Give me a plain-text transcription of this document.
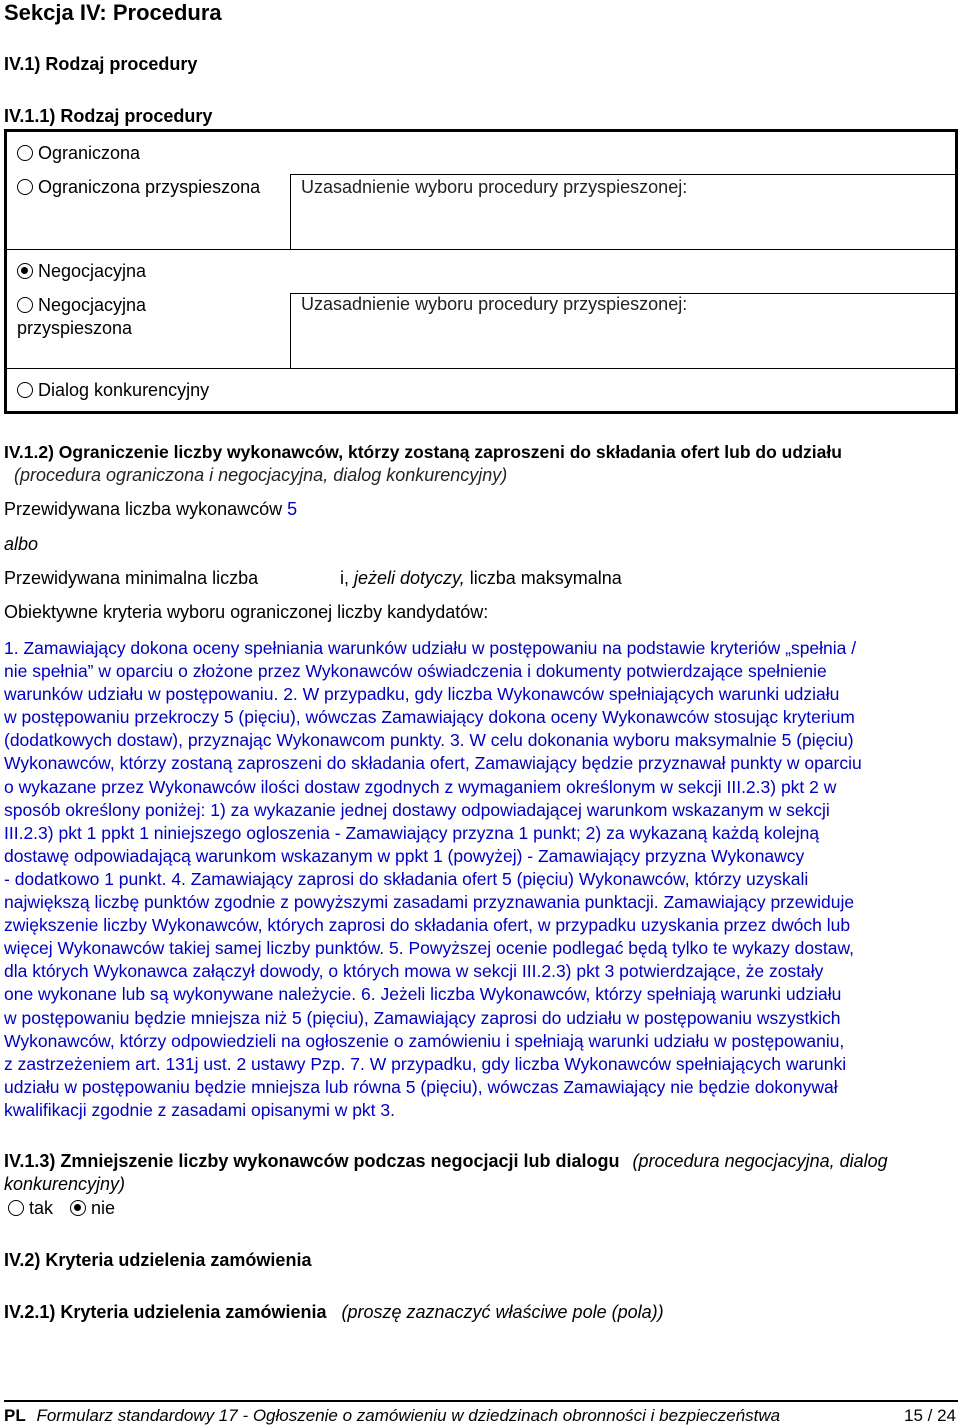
Sekcja IV: Procedura
IV.1) Rodzaj procedury
IV.1.1) Rodzaj procedury
Ograniczona	
Ograniczona przyspieszona	Uzasadnienie wyboru procedury przyspieszonej:
Negocjacyjna	
Negocjacyjna
przyspieszona	Uzasadnienie wyboru procedury przyspieszonej:
Dialog konkurencyjny	
IV.1.2) Ograniczenie liczby wykonawców, którzy zostaną zaproszeni do składania ofert lub do udziału
(procedura ograniczona i negocjacyjna, dialog konkurencyjny)
Przewidywana liczba wykonawców 5
albo
Przewidywana minimalna liczba	i, jeżeli dotyczy, liczba maksymalna
Obiektywne kryteria wyboru ograniczonej liczby kandydatów:
1. Zamawiający dokona oceny spełniania warunków udziału w postępowaniu na podstawie kryteriów „spełnia /
nie spełnia” w oparciu o złożone przez Wykonawców oświadczenia i dokumenty potwierdzające spełnienie
warunków udziału w postępowaniu. 2. W przypadku, gdy liczba Wykonawców spełniających warunki udziału
w postępowaniu przekroczy 5 (pięciu), wówczas Zamawiający dokona oceny Wykonawców stosując kryterium
(dodatkowych dostaw), przyznając Wykonawcom punkty. 3. W celu dokonania wyboru maksymalnie 5 (pięciu)
Wykonawców, którzy zostaną zaproszeni do składania ofert, Zamawiający będzie przyznawał punkty w oparciu
o wykazane przez Wykonawców ilości dostaw zgodnych z wymaganiem określonym w sekcji III.2.3) pkt 2 w
sposób określony poniżej: 1) za wykazanie jednej dostawy odpowiadającej warunkom wskazanym w sekcji
III.2.3) pkt 1 ppkt 1 niniejszego ogloszenia - Zamawiający przyzna 1 punkt; 2) za wykazaną każdą kolejną
dostawę odpowiadającą warunkom wskazanym w ppkt 1 (powyżej) - Zamawiający przyzna Wykonawcy
- dodatkowo 1 punkt. 4. Zamawiający zaprosi do składania ofert 5 (pięciu) Wykonawców, którzy uzyskali
największą liczbę punktów zgodnie z powyższymi zasadami przyznawania punktacji. Zamawiający przewiduje
zwiększenie liczby Wykonawców, których zaprosi do składania ofert, w przypadku uzyskania przez dwóch lub
więcej Wykonawców takiej samej liczby punktów. 5. Powyższej ocenie podlegać będą tylko te wykazy dostaw,
dla których Wykonawca załączył dowody, o których mowa w sekcji III.2.3) pkt 3 potwierdzające, że zostały
one wykonane lub są wykonywane należycie. 6. Jeżeli liczba Wykonawców, którzy spełniają warunki udziału
w postępowaniu będzie mniejsza niż 5 (pięciu), Zamawiający zaprosi do udziału w postępowaniu wszystkich
Wykonawców, którzy odpowiedzieli na ogłoszenie o zamówieniu i spełniają warunki udziału w postępowaniu,
z zastrzeżeniem art. 131j ust. 2 ustawy Pzp. 7. W przypadku, gdy liczba Wykonawców spełniających warunki
udziału w postępowaniu będzie mniejsza lub równa 5 (pięciu), wówczas Zamawiający nie będzie dokonywał
kwalifikacji zgodnie z zasadami opisanymi w pkt 3.
IV.1.3) Zmniejszenie liczby wykonawców podczas negocjacji lub dialogu (procedura negocjacyjna, dialog
konkurencyjny)
tak nie
IV.2) Kryteria udzielenia zamówienia
IV.2.1) Kryteria udzielenia zamówienia (proszę zaznaczyć właściwe pole (pola))
PL Formularz standardowy 17 - Ogłoszenie o zamówieniu w dziedzinach obronności i bezpieczeństwa	15 / 24
